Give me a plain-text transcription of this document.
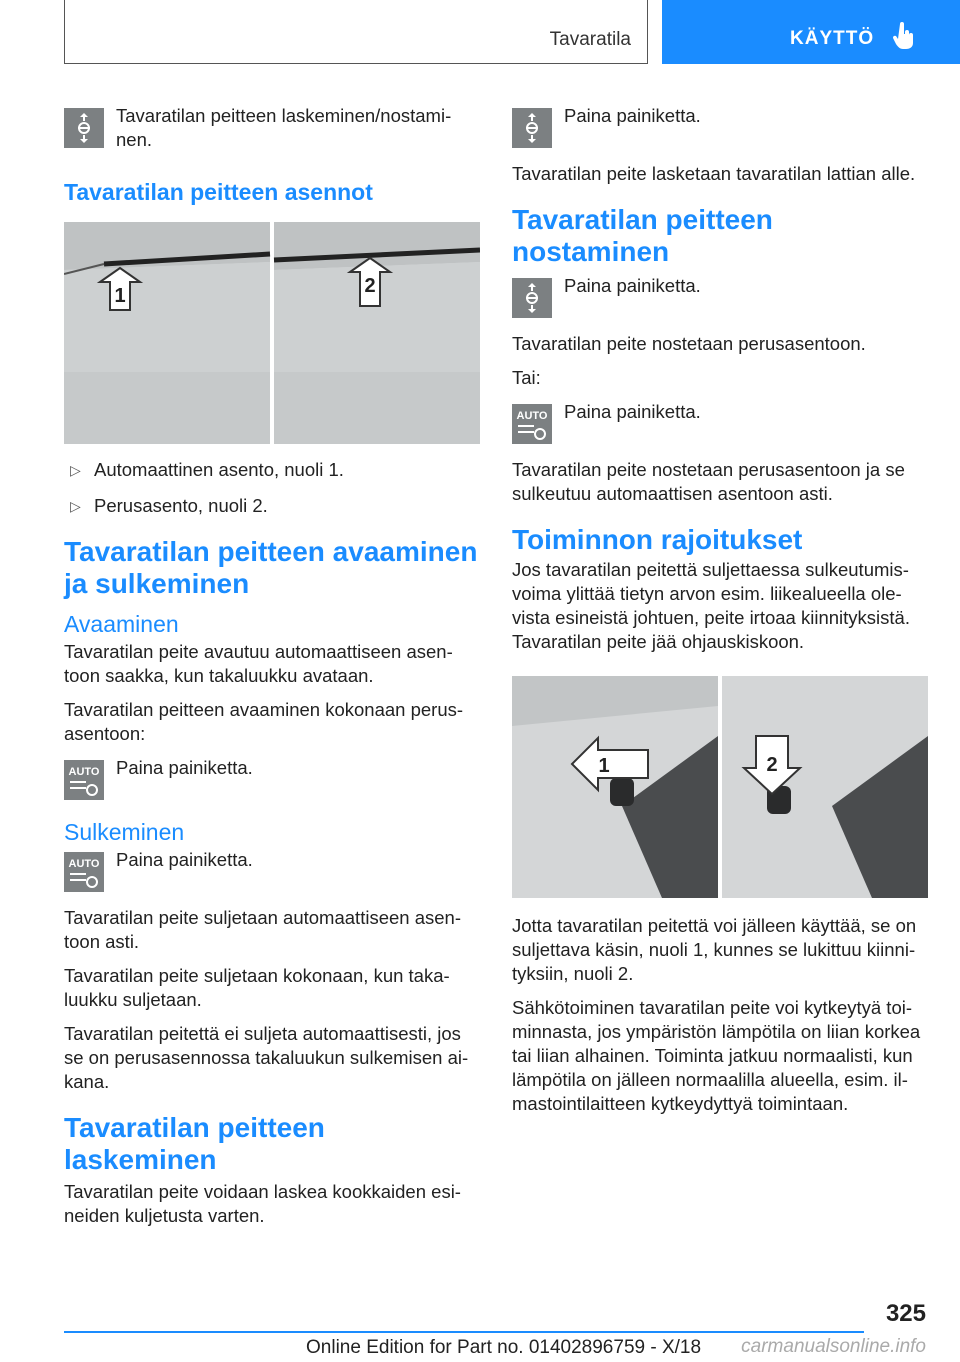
Tavaratila	KÄYTTÖ
Tavaratilan peitteen laskeminen/nostami-nen.
Tavaratilan peitteen asennot
1	2
▷ Automaattinen asento, nuoli 1.
▷ Perusasento, nuoli 2.
Tavaratilan peitteen avaaminen ja sulkeminen
Avaaminen
Tavaratilan peite avautuu automaattiseen asen-toon saakka, kun takaluukku avataan.
Tavaratilan peitteen avaaminen kokonaan perus-asentoon:
AUTO Paina painiketta.
Sulkeminen
AUTO Paina painiketta.
Tavaratilan peite suljetaan automaattiseen asen-toon asti.
Tavaratilan peite suljetaan kokonaan, kun taka-luukku suljetaan.
Tavaratilan peitettä ei suljeta automaattisesti, jos se on perusasennossa takaluukun sulkemisen ai-kana.
Tavaratilan peitteen laskeminen
Tavaratilan peite voidaan laskea kookkaiden esi-neiden kuljetusta varten.
Paina painiketta.
Tavaratilan peite lasketaan tavaratilan lattian alle.
Tavaratilan peitteen nostaminen
Paina painiketta.
Tavaratilan peite nostetaan perusasentoon.
Tai:
AUTO Paina painiketta.
Tavaratilan peite nostetaan perusasentoon ja se sulkeutuu automaattisen asentoon asti.
Toiminnon rajoitukset
Jos tavaratilan peitettä suljettaessa sulkeutumis-voima ylittää tietyn arvon esim. liikealueella ole-vista esineistä johtuen, peite irtoaa kiinnityksistä. Tavaratilan peite jää ohjauskiskoon.
1	2
Jotta tavaratilan peitettä voi jälleen käyttää, se on suljettava käsin, nuoli 1, kunnes se lukittuu kiinni-tyksiin, nuoli 2.
Sähkötoiminen tavaratilan peite voi kytkeytyä toi-minnasta, jos ympäristön lämpötila on liian korkea tai liian alhainen. Toiminta jatkuu normaalisti, kun lämpötila on jälleen normaalilla alueella, esim. il-mastointilaitteen kytkeydyttyä toimintaan.
325
Online Edition for Part no. 01402896759 - X/18 carmanualsonline.info
